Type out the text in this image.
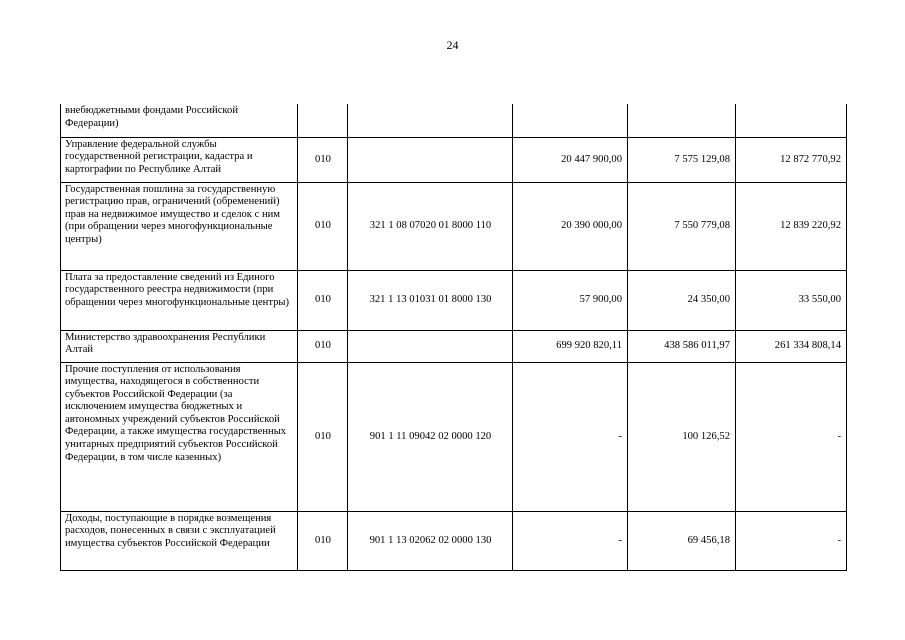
24
внебюджетными фондами Российской Федерации)					
Управление федеральной службы государственной регистрации, кадастра и картографии по Республике Алтай	010		20 447 900,00	7 575 129,08	12 872 770,92
Государственная пошлина за государственную регистрацию прав, ограничений (обременений) прав на недвижимое имущество и сделок с ним (при обращении через многофункциональные центры)	010	321 1 08 07020 01 8000 110	20 390 000,00	7 550 779,08	12 839 220,92
Плата за предоставление сведений из Единого государственного реестра недвижимости (при обращении через многофункциональные центры)	010	321 1 13 01031 01 8000 130	57 900,00	24 350,00	33 550,00
Министерство здравоохранения Республики Алтай	010		699 920 820,11	438 586 011,97	261 334 808,14
Прочие поступления от использования имущества, находящегося в собственности субъектов Российской Федерации (за исключением имущества бюджетных и автономных учреждений субъектов Российской Федерации, а также имущества государственных унитарных предприятий субъектов Российской Федерации, в том числе казенных)	010	901 1 11 09042 02 0000 120	-	100 126,52	-
Доходы, поступающие в порядке возмещения расходов, понесенных в связи с эксплуатацией имущества субъектов Российской Федерации	010	901 1 13 02062 02 0000 130	-	69 456,18	-
